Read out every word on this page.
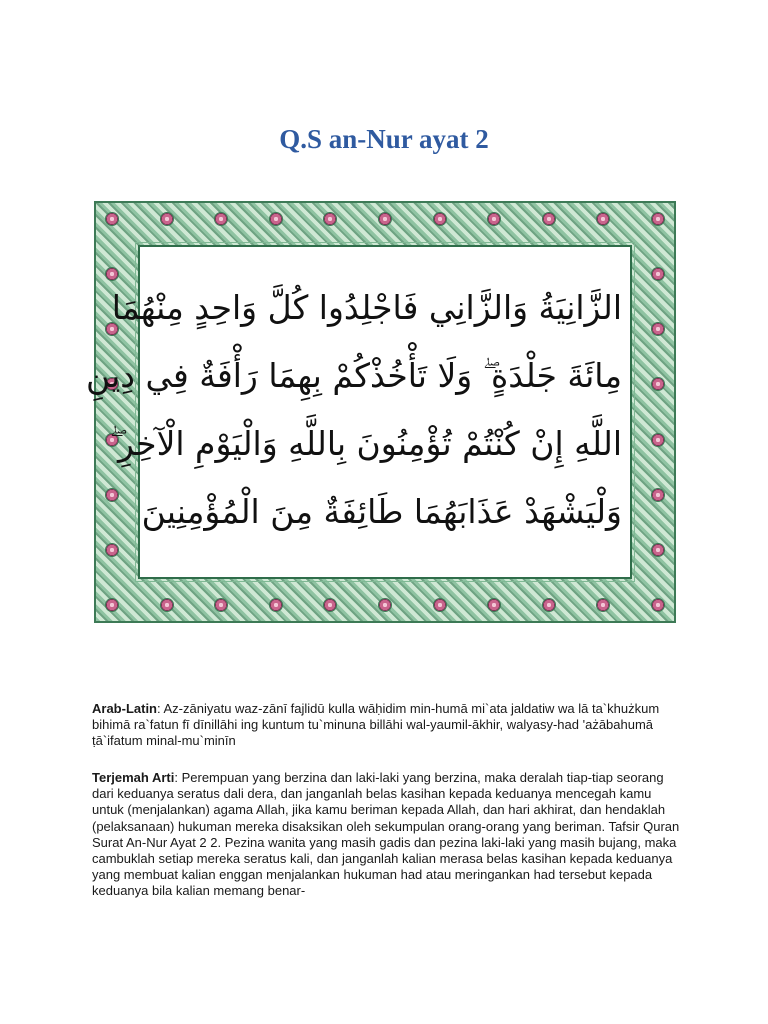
Q.S an-Nur ayat 2
الزَّانِيَةُ وَالزَّانِي فَاجْلِدُوا كُلَّ وَاحِدٍ مِنْهُمَا
مِائَةَ جَلْدَةٍ ۖ وَلَا تَأْخُذْكُمْ بِهِمَا رَأْفَةٌ فِي دِينِ
اللَّهِ إِنْ كُنْتُمْ تُؤْمِنُونَ بِاللَّهِ وَالْيَوْمِ الْآخِرِ ۖ
وَلْيَشْهَدْ عَذَابَهُمَا طَائِفَةٌ مِنَ الْمُؤْمِنِينَ
Arab-Latin: Az-zāniyatu waz-zānī fajlidū kulla wāḥidim min-humā mi`ata jaldatiw wa lā ta`khużkum bihimā ra`fatun fī dīnillāhi ing kuntum tu`minuna billāhi wal-yaumil-ākhir, walyasy-had 'ażābahumā ṭā`ifatum minal-mu`minīn
Terjemah Arti: Perempuan yang berzina dan laki-laki yang berzina, maka deralah tiap-tiap seorang dari keduanya seratus dali dera, dan janganlah belas kasihan kepada keduanya mencegah kamu untuk (menjalankan) agama Allah, jika kamu beriman kepada Allah, dan hari akhirat, dan hendaklah (pelaksanaan) hukuman mereka disaksikan oleh sekumpulan orang-orang yang beriman. Tafsir Quran Surat An-Nur Ayat 2 2. Pezina wanita yang masih gadis dan pezina laki-laki yang masih bujang, maka cambuklah setiap mereka seratus kali, dan janganlah kalian merasa belas kasihan kepada keduanya yang membuat kalian enggan menjalankan hukuman had atau meringankan had tersebut kepada keduanya bila kalian memang benar-
